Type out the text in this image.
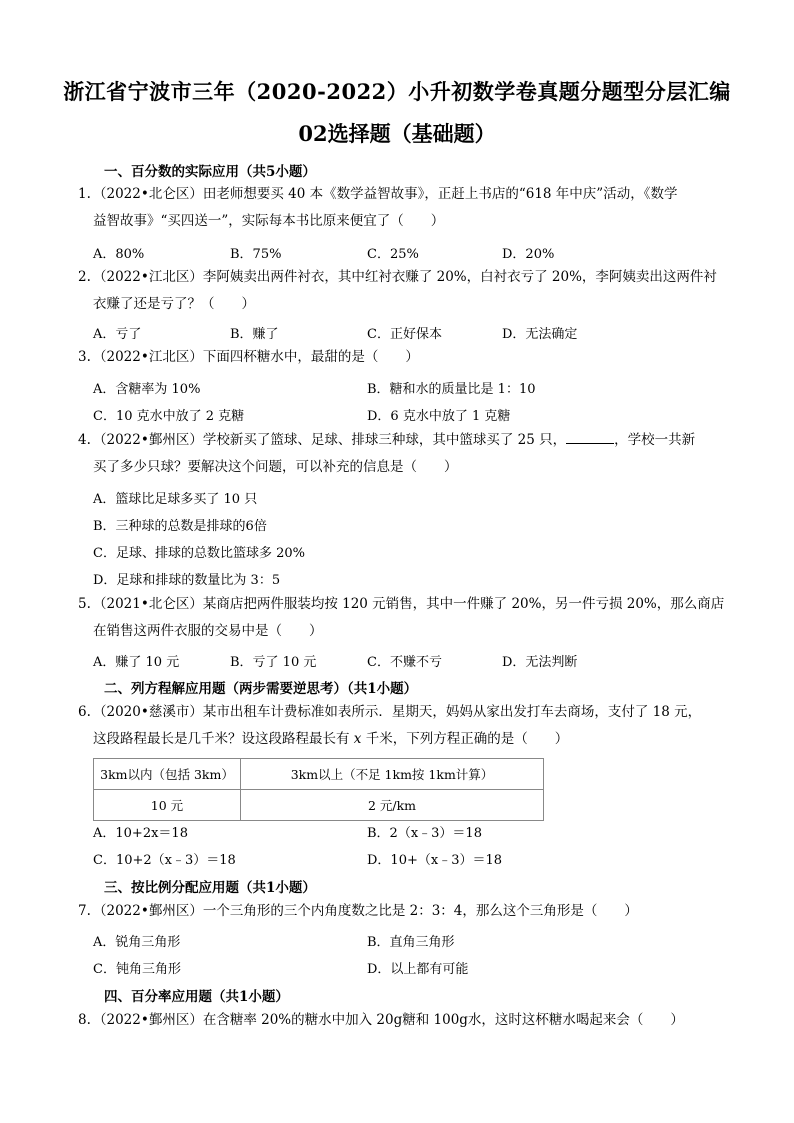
浙江省宁波市三年（2020-2022）小升初数学卷真题分题型分层汇编
02选择题（基础题）
一、百分数的实际应用（共5小题）
1. （2022•北仑区）田老师想要买 40 本《数学益智故事》，正赶上书店的“618 年中庆”活动，《数学
益智故事》“买四送一”，实际每本书比原来便宜了（　　）
A．80%	B．75%	C．25%	D．20%
2. （2022•江北区）李阿姨卖出两件衬衣，其中红衬衣赚了 20%，白衬衣亏了 20%，李阿姨卖出这两件衬
衣赚了还是亏了？（　　）
A．亏了	B．赚了	C．正好保本	D．无法确定
3. （2022•江北区）下面四杯糖水中，最甜的是（　　）
A．含糖率为 10%	B．糖和水的质量比是 1：10
C．10 克水中放了 2 克糖	D．6 克水中放了 1 克糖
4. （2022•鄞州区）学校新买了篮球、足球、排球三种球，其中篮球买了 25 只，	，学校一共新
买了多少只球？要解决这个问题，可以补充的信息是（　　）
A．篮球比足球多买了 10 只
B．三种球的总数是排球的6倍
C．足球、排球的总数比篮球多 20%
D．足球和排球的数量比为 3：5
5. （2021•北仑区）某商店把两件服装均按 120 元销售，其中一件赚了 20%，另一件亏损 20%，那么商店
在销售这两件衣服的交易中是（　　）
A．赚了 10 元	B．亏了 10 元	C．不赚不亏	D．无法判断
二、列方程解应用题（两步需要逆思考）（共1小题）
6. （2020•慈溪市）某市出租车计费标准如表所示．星期天，妈妈从家出发打车去商场，支付了 18 元，
这段路程最长是几千米？设这段路程最长有 x 千米，下列方程正确的是（　　）
3km以内（包括 3km）	3km以上（不足 1km按 1km计算）
10 元	2 元/km
A．10+2x＝18	B．2（x﹣3）＝18
C．10+2（x﹣3）＝18	D．10+（x﹣3）＝18
三、按比例分配应用题（共1小题）
7. （2022•鄞州区）一个三角形的三个内角度数之比是 2：3：4，那么这个三角形是（　　）
A．锐角三角形	B．直角三角形
C．钝角三角形	D．以上都有可能
四、百分率应用题（共1小题）
8. （2022•鄞州区）在含糖率 20%的糖水中加入 20g糖和 100g水，这时这杯糖水喝起来会（　　）
